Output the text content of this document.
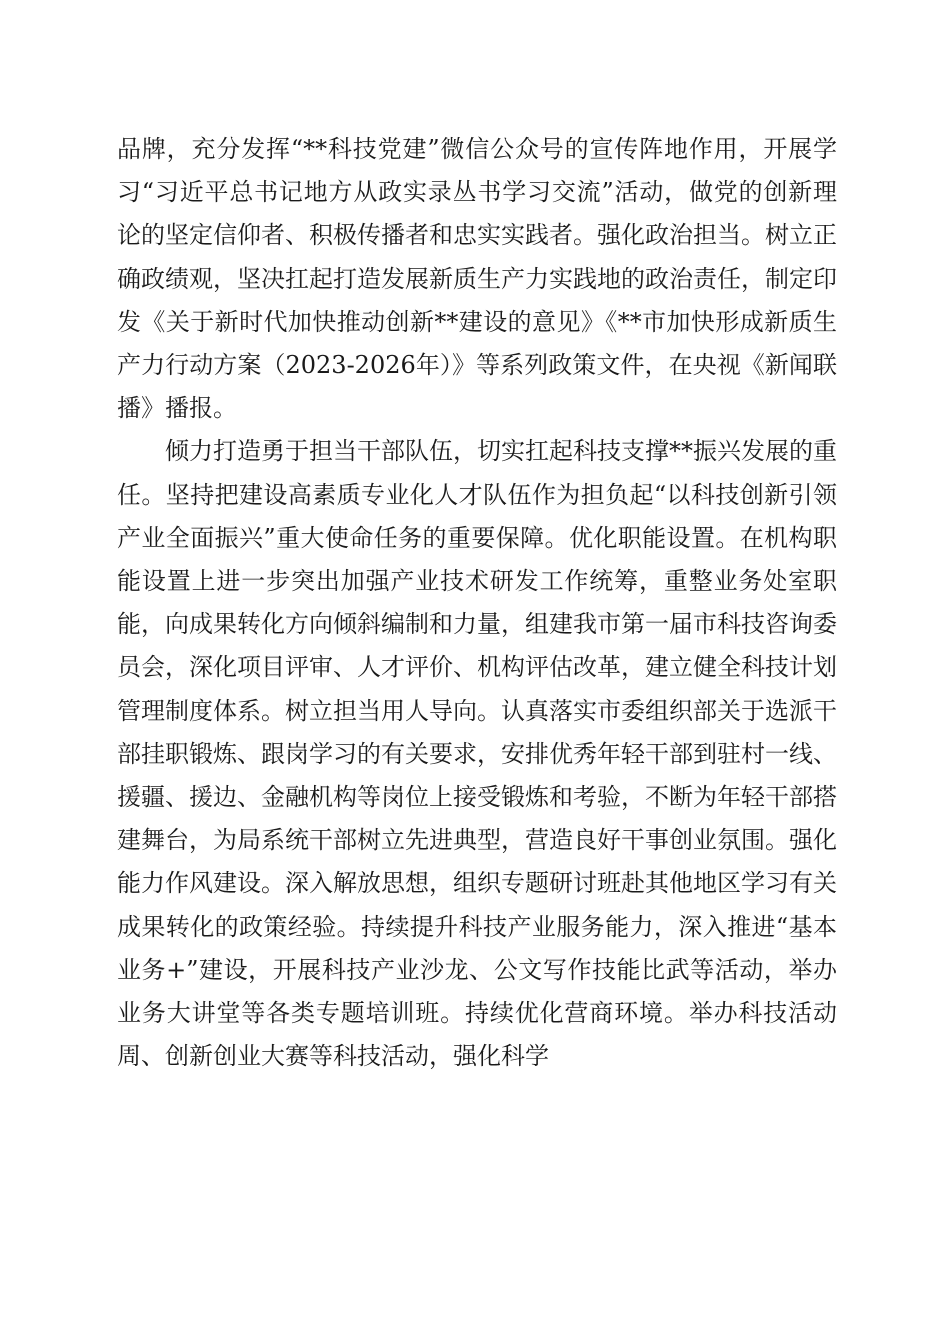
品牌，充分发挥“**科技党建”微信公众号的宣传阵地作用，开展学习“习近平总书记地方从政实录丛书学习交流”活动，做党的创新理论的坚定信仰者、积极传播者和忠实实践者。强化政治担当。树立正确政绩观，坚决扛起打造发展新质生产力实践地的政治责任，制定印发《关于新时代加快推动创新**建设的意见》《**市加快形成新质生产力行动方案（2023-2026年）》等系列政策文件，在央视《新闻联播》播报。

倾力打造勇于担当干部队伍，切实扛起科技支撑**振兴发展的重任。坚持把建设高素质专业化人才队伍作为担负起“以科技创新引领产业全面振兴”重大使命任务的重要保障。优化职能设置。在机构职能设置上进一步突出加强产业技术研发工作统筹，重整业务处室职能，向成果转化方向倾斜编制和力量，组建我市第一届市科技咨询委员会，深化项目评审、人才评价、机构评估改革，建立健全科技计划管理制度体系。树立担当用人导向。认真落实市委组织部关于选派干部挂职锻炼、跟岗学习的有关要求，安排优秀年轻干部到驻村一线、援疆、援边、金融机构等岗位上接受锻炼和考验，不断为年轻干部搭建舞台，为局系统干部树立先进典型，营造良好干事创业氛围。强化能力作风建设。深入解放思想，组织专题研讨班赴其他地区学习有关成果转化的政策经验。持续提升科技产业服务能力，深入推进“基本业务+”建设，开展科技产业沙龙、公文写作技能比武等活动，举办业务大讲堂等各类专题培训班。持续优化营商环境。举办科技活动周、创新创业大赛等科技活动，强化科学
